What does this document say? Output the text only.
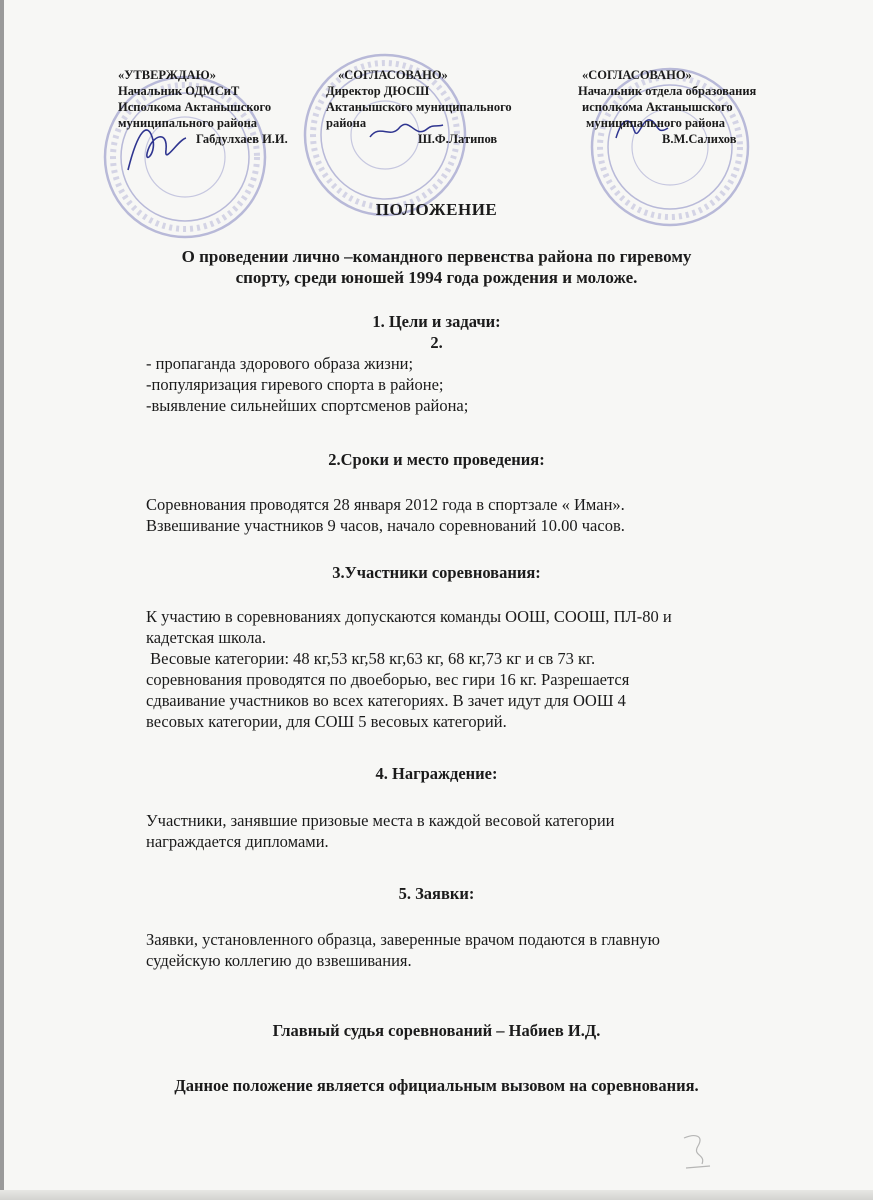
«УТВЕРЖДАЮ»
Начальник ОДМСиТ
Исполкома Актанышского
муниципального района
Габдулхаев И.И.
«СОГЛАСОВАНО»
Директор ДЮСШ
Актанышского муниципального
района
Ш.Ф.Латипов
«СОГЛАСОВАНО»
Начальник отдела образования
исполкома Актанышского
муниципального района
В.М.Салихов
ПОЛОЖЕНИЕ
О проведении лично –командного первенства района по гиревому
спорту, среди юношей 1994 года рождения и моложе.
1. Цели и задачи:
2.
- пропаганда здорового образа жизни;
-популяризация гиревого спорта в районе;
-выявление сильнейших спортсменов района;
2.Сроки и место проведения:
Соревнования проводятся 28 января 2012 года в спортзале « Иман».
Взвешивание участников 9 часов, начало соревнований 10.00 часов.
3.Участники соревнования:
К участию в соревнованиях допускаются команды ООШ, СООШ, ПЛ-80 и
кадетская школа.
Весовые категории: 48 кг,53 кг,58 кг,63 кг, 68 кг,73 кг и св 73 кг.
соревнования проводятся по двоеборью, вес гири 16 кг. Разрешается
сдваивание участников во всех категориях. В зачет идут для ООШ 4
весовых категории, для СОШ 5 весовых категорий.
4. Награждение:
Участники, занявшие призовые места в каждой весовой категории
награждается дипломами.
5. Заявки:
Заявки, установленного образца, заверенные врачом подаются в главную
судейскую коллегию до взвешивания.
Главный судья соревнований – Набиев И.Д.
Данное положение является официальным вызовом на соревнования.
